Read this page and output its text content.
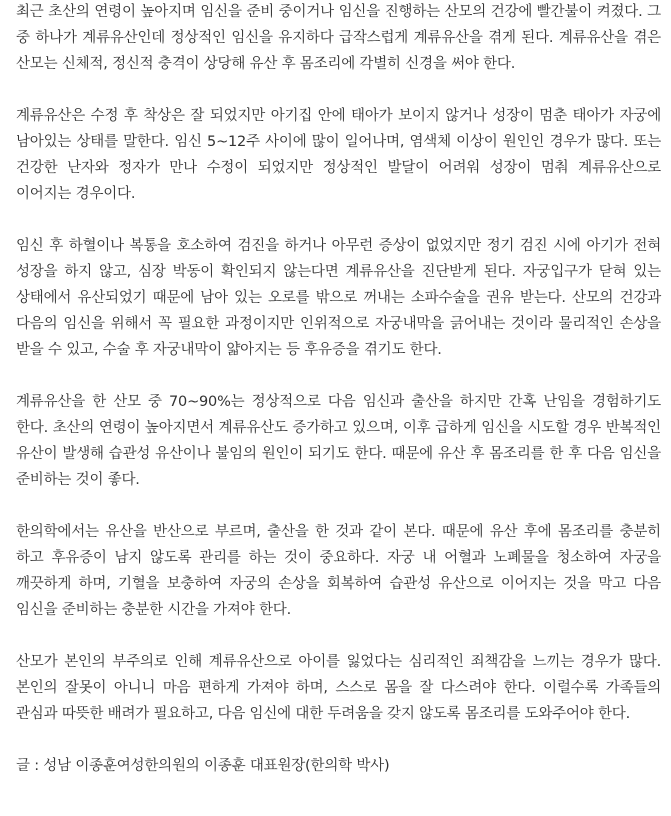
최근 초산의 연령이 높아지며 임신을 준비 중이거나 임신을 진행하는 산모의 건강에 빨간불이 켜졌다. 그 중 하나가 계류유산인데 정상적인 임신을 유지하다 급작스럽게 계류유산을 겪게 된다. 계류유산을 겪은 산모는 신체적, 정신적 충격이 상당해 유산 후 몸조리에 각별히 신경을 써야 한다.

계류유산은 수정 후 착상은 잘 되었지만 아기집 안에 태아가 보이지 않거나 성장이 멈춘 태아가 자궁에 남아있는 상태를 말한다. 임신 5~12주 사이에 많이 일어나며, 염색체 이상이 원인인 경우가 많다. 또는 건강한 난자와 정자가 만나 수정이 되었지만 정상적인 발달이 어려워 성장이 멈춰 계류유산으로 이어지는 경우이다.

임신 후 하혈이나 복통을 호소하여 검진을 하거나 아무런 증상이 없었지만 정기 검진 시에 아기가 전혀 성장을 하지 않고, 심장 박동이 확인되지 않는다면 계류유산을 진단받게 된다. 자궁입구가 닫혀 있는 상태에서 유산되었기 때문에 남아 있는 오로를 밖으로 꺼내는 소파수술을 권유 받는다. 산모의 건강과 다음의 임신을 위해서 꼭 필요한 과정이지만 인위적으로 자궁내막을 긁어내는 것이라 물리적인 손상을 받을 수 있고, 수술 후 자궁내막이 얇아지는 등 후유증을 겪기도 한다.

계류유산을 한 산모 중 70~90%는 정상적으로 다음 임신과 출산을 하지만 간혹 난임을 경험하기도 한다. 초산의 연령이 높아지면서 계류유산도 증가하고 있으며, 이후 급하게 임신을 시도할 경우 반복적인 유산이 발생해 습관성 유산이나 불임의 원인이 되기도 한다. 때문에 유산 후 몸조리를 한 후 다음 임신을 준비하는 것이 좋다.

한의학에서는 유산을 반산으로 부르며, 출산을 한 것과 같이 본다. 때문에 유산 후에 몸조리를 충분히 하고 후유증이 남지 않도록 관리를 하는 것이 중요하다. 자궁 내 어혈과 노폐물을 청소하여 자궁을 깨끗하게 하며, 기혈을 보충하여 자궁의 손상을 회복하여 습관성 유산으로 이어지는 것을 막고 다음 임신을 준비하는 충분한 시간을 가져야 한다.

산모가 본인의 부주의로 인해 계류유산으로 아이를 잃었다는 심리적인 죄책감을 느끼는 경우가 많다. 본인의 잘못이 아니니 마음 편하게 가져야 하며, 스스로 몸을 잘 다스려야 한다. 이럴수록 가족들의 관심과 따뜻한 배려가 필요하고, 다음 임신에 대한 두려움을 갖지 않도록 몸조리를 도와주어야 한다.

글 : 성남 이종훈여성한의원의 이종훈 대표원장(한의학 박사)
